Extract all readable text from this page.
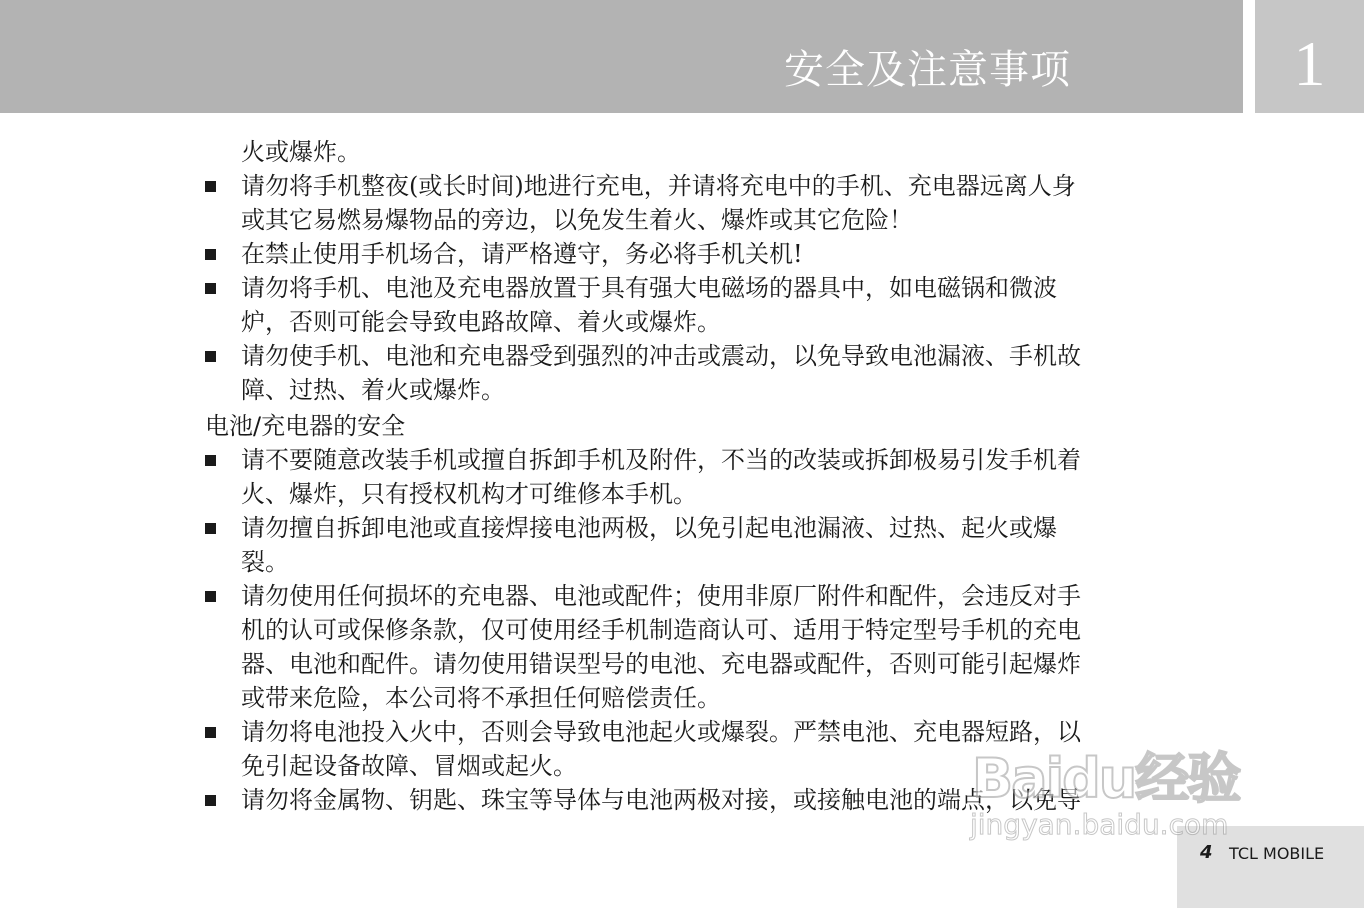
安全及注意事项	1
火或爆炸。
请勿将手机整夜(或长时间)地进行充电，并请将充电中的手机、充电器远离人身
或其它易燃易爆物品的旁边，以免发生着火、爆炸或其它危险！
在禁止使用手机场合，请严格遵守，务必将手机关机!
请勿将手机、电池及充电器放置于具有强大电磁场的器具中，如电磁锅和微波
炉，否则可能会导致电路故障、着火或爆炸。
请勿使手机、电池和充电器受到强烈的冲击或震动，以免导致电池漏液、手机故
障、过热、着火或爆炸。
电池/充电器的安全
请不要随意改装手机或擅自拆卸手机及附件，不当的改装或拆卸极易引发手机着
火、爆炸，只有授权机构才可维修本手机。
请勿擅自拆卸电池或直接焊接电池两极，以免引起电池漏液、过热、起火或爆
裂。
请勿使用任何损坏的充电器、电池或配件；使用非原厂附件和配件，会违反对手
机的认可或保修条款，仅可使用经手机制造商认可、适用于特定型号手机的充电
器、电池和配件。请勿使用错误型号的电池、充电器或配件，否则可能引起爆炸
或带来危险，本公司将不承担任何赔偿责任。
请勿将电池投入火中，否则会导致电池起火或爆裂。严禁电池、充电器短路，以
免引起设备故障、冒烟或起火。
请勿将金属物、钥匙、珠宝等导体与电池两极对接，或接触电池的端点，以免导
4 TCL MOBILE
Baidu经验
jingyan.baidu.com
